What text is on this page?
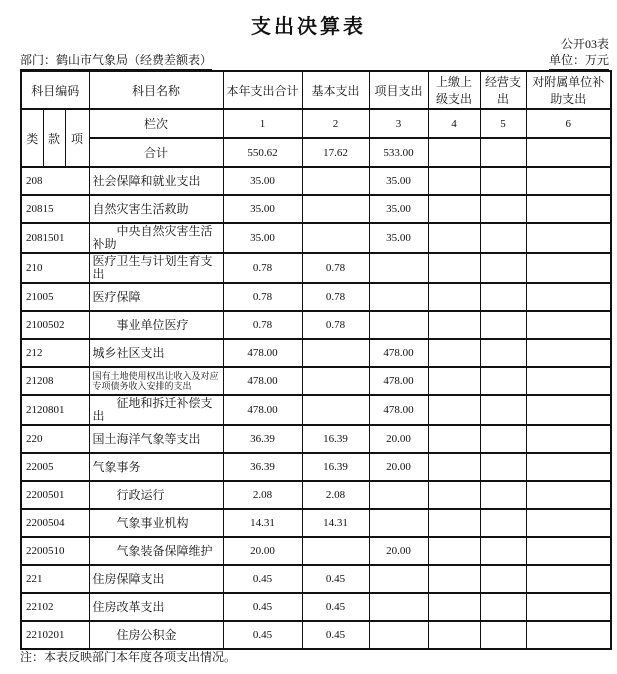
支出决算表
公开03表
部门：鹤山市气象局（经费差额表）	单位：万元
科目编码			科目名称	本年支出合计	基本支出	项目支出	上缴上级支出	经营支出	对附属单位补助支出
类	款	项	栏次	1	2	3	4	5	6
			合计	550.62	17.62	533.00			
208			社会保障和就业支出	35.00		35.00			
20815			自然灾害生活救助	35.00		35.00			
2081501			中央自然灾害生活补助	35.00		35.00			
210			医疗卫生与计划生育支出	0.78	0.78				
21005			医疗保障	0.78	0.78				
2100502			事业单位医疗	0.78	0.78				
212			城乡社区支出	478.00		478.00			
21208			国有土地使用权出让收入及对应专项债务收入安排的支出	478.00		478.00			
2120801			征地和拆迁补偿支出	478.00		478.00			
220			国土海洋气象等支出	36.39	16.39	20.00			
22005			气象事务	36.39	16.39	20.00			
2200501			行政运行	2.08	2.08				
2200504			气象事业机构	14.31	14.31				
2200510			气象装备保障维护	20.00		20.00			
221			住房保障支出	0.45	0.45				
22102			住房改革支出	0.45	0.45				
2210201			住房公积金	0.45	0.45				
注：本表反映部门本年度各项支出情况。
